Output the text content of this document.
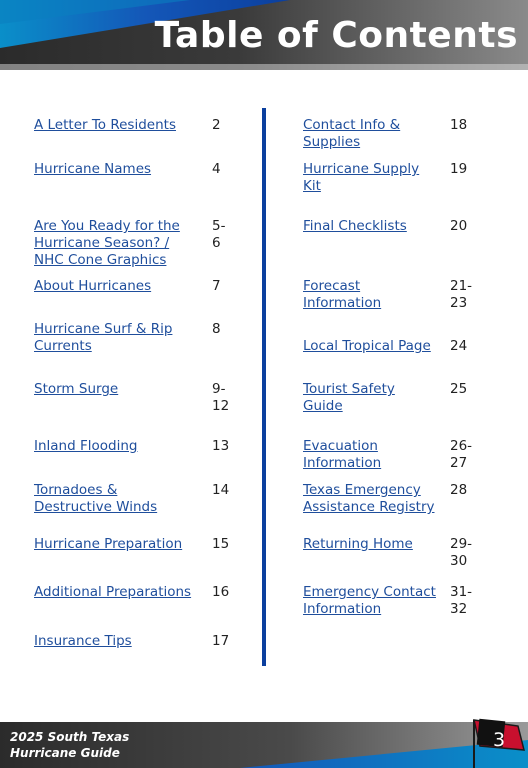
Table of Contents
A Letter To Residents	2
Hurricane Names	4
Are You Ready for the Hurricane Season? / NHC Cone Graphics
5-6
About Hurricanes	7
Hurricane Surf & Rip Currents
8
Storm Surge	9-12
Inland Flooding	13
Tornadoes & Destructive Winds
14
Hurricane Preparation	15
Additional Preparations	16
Insurance Tips	17
Contact Info & Supplies
18
Hurricane Supply Kit
19
Final Checklists	20
Forecast Information
21-23
Local Tropical Page	24
Tourist Safety Guide
25
Evacuation Information
26-27
Texas Emergency Assistance Registry
28
Returning Home	29-30
Emergency Contact Information
31-32
2025 South Texas
Hurricane Guide
3
